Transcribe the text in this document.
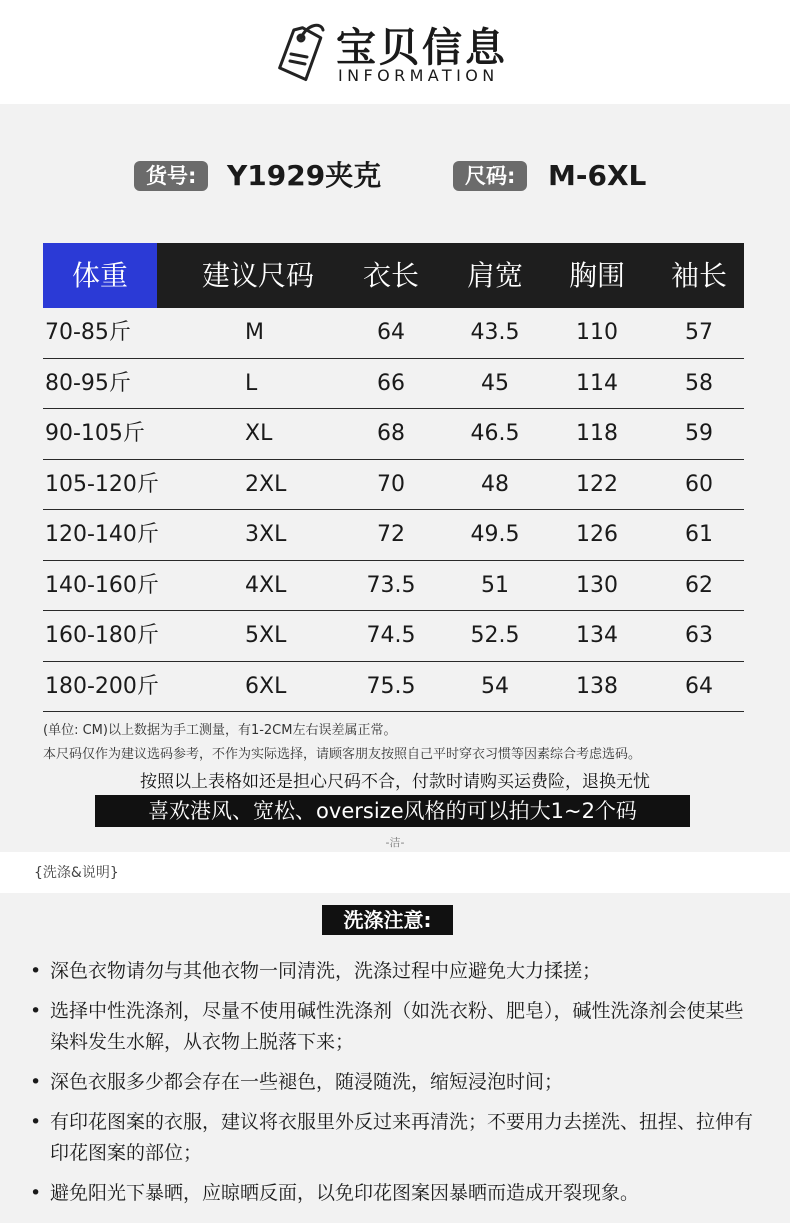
宝贝信息
INFORMATION
货号:	Y1929夹克	尺码:	M-6XL
体重	建议尺码	衣长	肩宽	胸围	袖长
70-85斤	M	64	43.5	110	57
80-95斤	L	66	45	114	58
90-105斤	XL	68	46.5	118	59
105-120斤	2XL	70	48	122	60
120-140斤	3XL	72	49.5	126	61
140-160斤	4XL	73.5	51	130	62
160-180斤	5XL	74.5	52.5	134	63
180-200斤	6XL	75.5	54	138	64
(单位: CM)以上数据为手工测量，有1-2CM左右误差属正常。
本尺码仅作为建议选码参考，不作为实际选择，请顾客朋友按照自己平时穿衣习惯等因素综合考虑选码。
按照以上表格如还是担心尺码不合，付款时请购买运费险，退换无忧
喜欢港风、宽松、oversize风格的可以拍大1~2个码
-洁-
{洗涤&说明}
洗涤注意:
• 深色衣物请勿与其他衣物一同清洗，洗涤过程中应避免大力揉搓；
• 选择中性洗涤剂，尽量不使用碱性洗涤剂（如洗衣粉、肥皂），碱性洗涤剂会使某些染料发生水解，从衣物上脱落下来；
• 深色衣服多少都会存在一些褪色，随浸随洗，缩短浸泡时间；
• 有印花图案的衣服，建议将衣服里外反过来再清洗；不要用力去搓洗、扭捏、拉伸有印花图案的部位；
• 避免阳光下暴晒，应晾晒反面，以免印花图案因暴晒而造成开裂现象。
